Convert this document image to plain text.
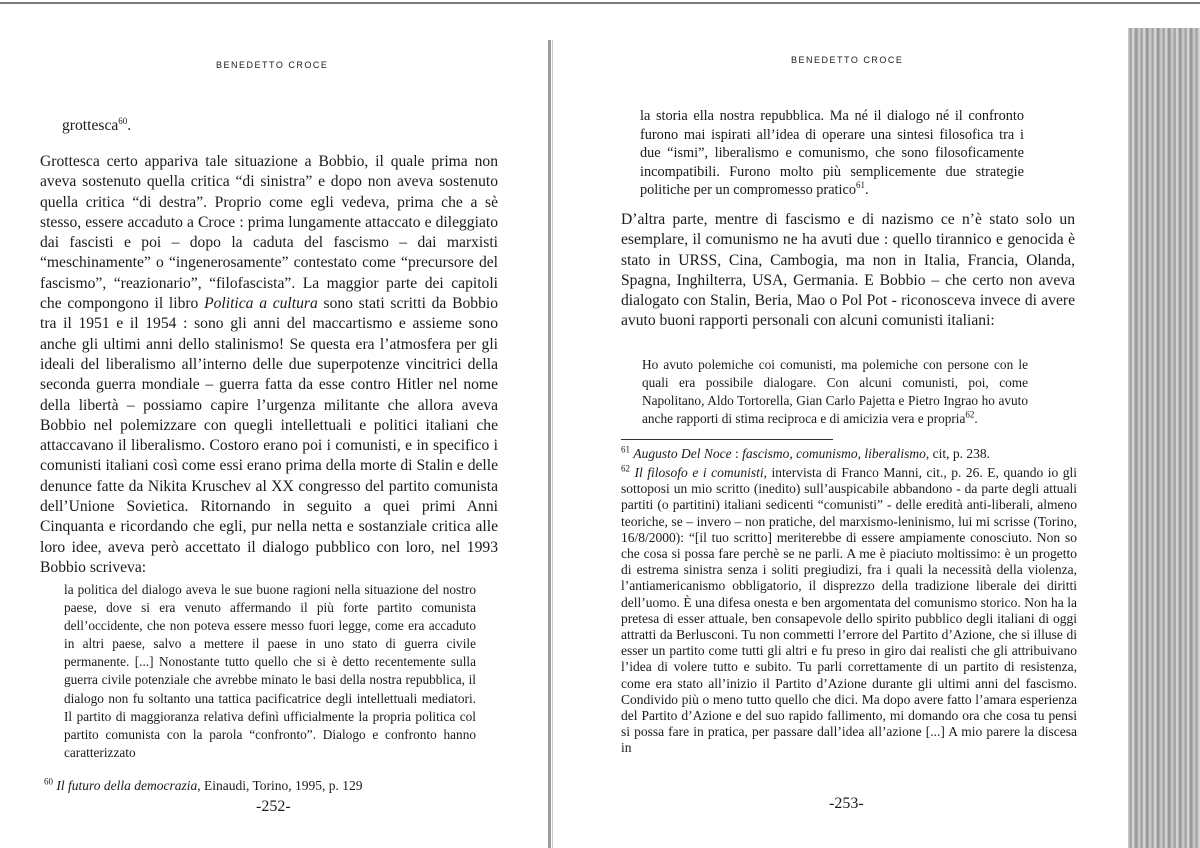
BENEDETTO CROCE

grottesca$^{60}$.

Grottesca certo appariva tale situazione a Bobbio, il quale prima non aveva sostenuto quella critica “di sinistra” e dopo non aveva sostenuto quella critica “di destra”. Proprio come egli vedeva, prima che a sè stesso, essere accaduto a Croce : prima lungamente attaccato e dileggiato dai fascisti e poi – dopo la caduta del fascismo – dai marxisti “meschinamente” o “ingenerosamente” contestato come “precursore del fascismo”, “reazionario”, “filofascista”. La maggior parte dei capitoli che compongono il libro Politica a cultura sono stati scritti da Bobbio tra il 1951 e il 1954 : sono gli anni del maccartismo e assieme sono anche gli ultimi anni dello stalinismo! Se questa era l’atmosfera per gli ideali del liberalismo all’interno delle due superpotenze vincitrici della seconda guerra mondiale – guerra fatta da esse contro Hitler nel nome della libertà – possiamo capire l’urgenza militante che allora aveva Bobbio nel polemizzare con quegli intellettuali e politici italiani che attaccavano il liberalismo. Costoro erano poi i comunisti, e in specifico i comunisti italiani così come essi erano prima della morte di Stalin e delle denunce fatte da Nikita Kruschev al XX congresso del partito comunista dell’Unione Sovietica. Ritornando in seguito a quei primi Anni Cinquanta e ricordando che egli, pur nella netta e sostanziale critica alle loro idee, aveva però accettato il dialogo pubblico con loro, nel 1993 Bobbio scriveva:

la politica del dialogo aveva le sue buone ragioni nella situazione del nostro paese, dove si era venuto affermando il più forte partito comunista dell’occidente, che non poteva essere messo fuori legge, come era accaduto in altri paese, salvo a mettere il paese in uno stato di guerra civile permanente. [...] Nonostante tutto quello che si è detto recentemente sulla guerra civile potenziale che avrebbe minato le basi della nostra repubblica, il dialogo non fu soltanto una tattica pacificatrice degli intellettuali mediatori. Il partito di maggioranza relativa definì ufficialmente la propria politica col partito comunista con la parola “confronto”. Dialogo e confronto hanno caratterizzato
$^{60}$ Il futuro della democrazia, Einaudi, Torino, 1995, p. 129
-252-
BENEDETTO CROCE

la storia ella nostra repubblica. Ma né il dialogo né il confronto furono mai ispirati all’idea di operare una sintesi filosofica tra i due “ismi”, liberalismo e comunismo, che sono filosoficamente incompatibili. Furono molto più semplicemente due strategie politiche per un compromesso pratico$^{61}$.

D’altra parte, mentre di fascismo e di nazismo ce n’è stato solo un esemplare, il comunismo ne ha avuti due : quello tirannico e genocida è stato in URSS, Cina, Cambogia, ma non in Italia, Francia, Olanda, Spagna, Inghilterra, USA, Germania. E Bobbio – che certo non aveva dialogato con Stalin, Beria, Mao o Pol Pot - riconosceva invece di avere avuto buoni rapporti personali con alcuni comunisti italiani:

Ho avuto polemiche coi comunisti, ma polemiche con persone con le quali era possibile dialogare. Con alcuni comunisti, poi, come Napolitano, Aldo Tortorella, Gian Carlo Pajetta e Pietro Ingrao ho avuto anche rapporti di stima reciproca e di amicizia vera e propria$^{62}$.
$^{61}$ Augusto Del Noce : fascismo, comunismo, liberalismo, cit, p. 238.
$^{62}$ Il filosofo e i comunisti, intervista di Franco Manni, cit., p. 26. E, quando io gli sottoposi un mio scritto (inedito) sull’auspicabile abbandono - da parte degli attuali partiti (o partitini) italiani sedicenti “comunisti” - delle eredità anti-liberali, almeno teoriche, se – invero – non pratiche, del marxismo-leninismo, lui mi scrisse (Torino, 16/8/2000): “[il tuo scritto] meriterebbe di essere ampiamente conosciuto. Non so che cosa si possa fare perchè se ne parli. A me è piaciuto moltissimo: è un progetto di estrema sinistra senza i soliti pregiudizi, fra i quali la necessità della violenza, l’antiamericanismo obbligatorio, il disprezzo della tradizione liberale dei diritti dell’uomo. È una difesa onesta e ben argomentata del comunismo storico. Non ha la pretesa di esser attuale, ben consapevole dello spirito pubblico degli italiani di oggi attratti da Berlusconi. Tu non commetti l’errore del Partito d’Azione, che si illuse di esser un partito come tutti gli altri e fu preso in giro dai realisti che gli attribuivano l’idea di volere tutto e subito. Tu parli correttamente di un partito di resistenza, come era stato all’inizio il Partito d’Azione durante gli ultimi anni del fascismo. Condivido più o meno tutto quello che dici. Ma dopo avere fatto l’amara esperienza del Partito d’Azione e del suo rapido fallimento, mi domando ora che cosa tu pensi si possa fare in pratica, per passare dall’idea all’azione [...] A mio parere la discesa in
-253-
